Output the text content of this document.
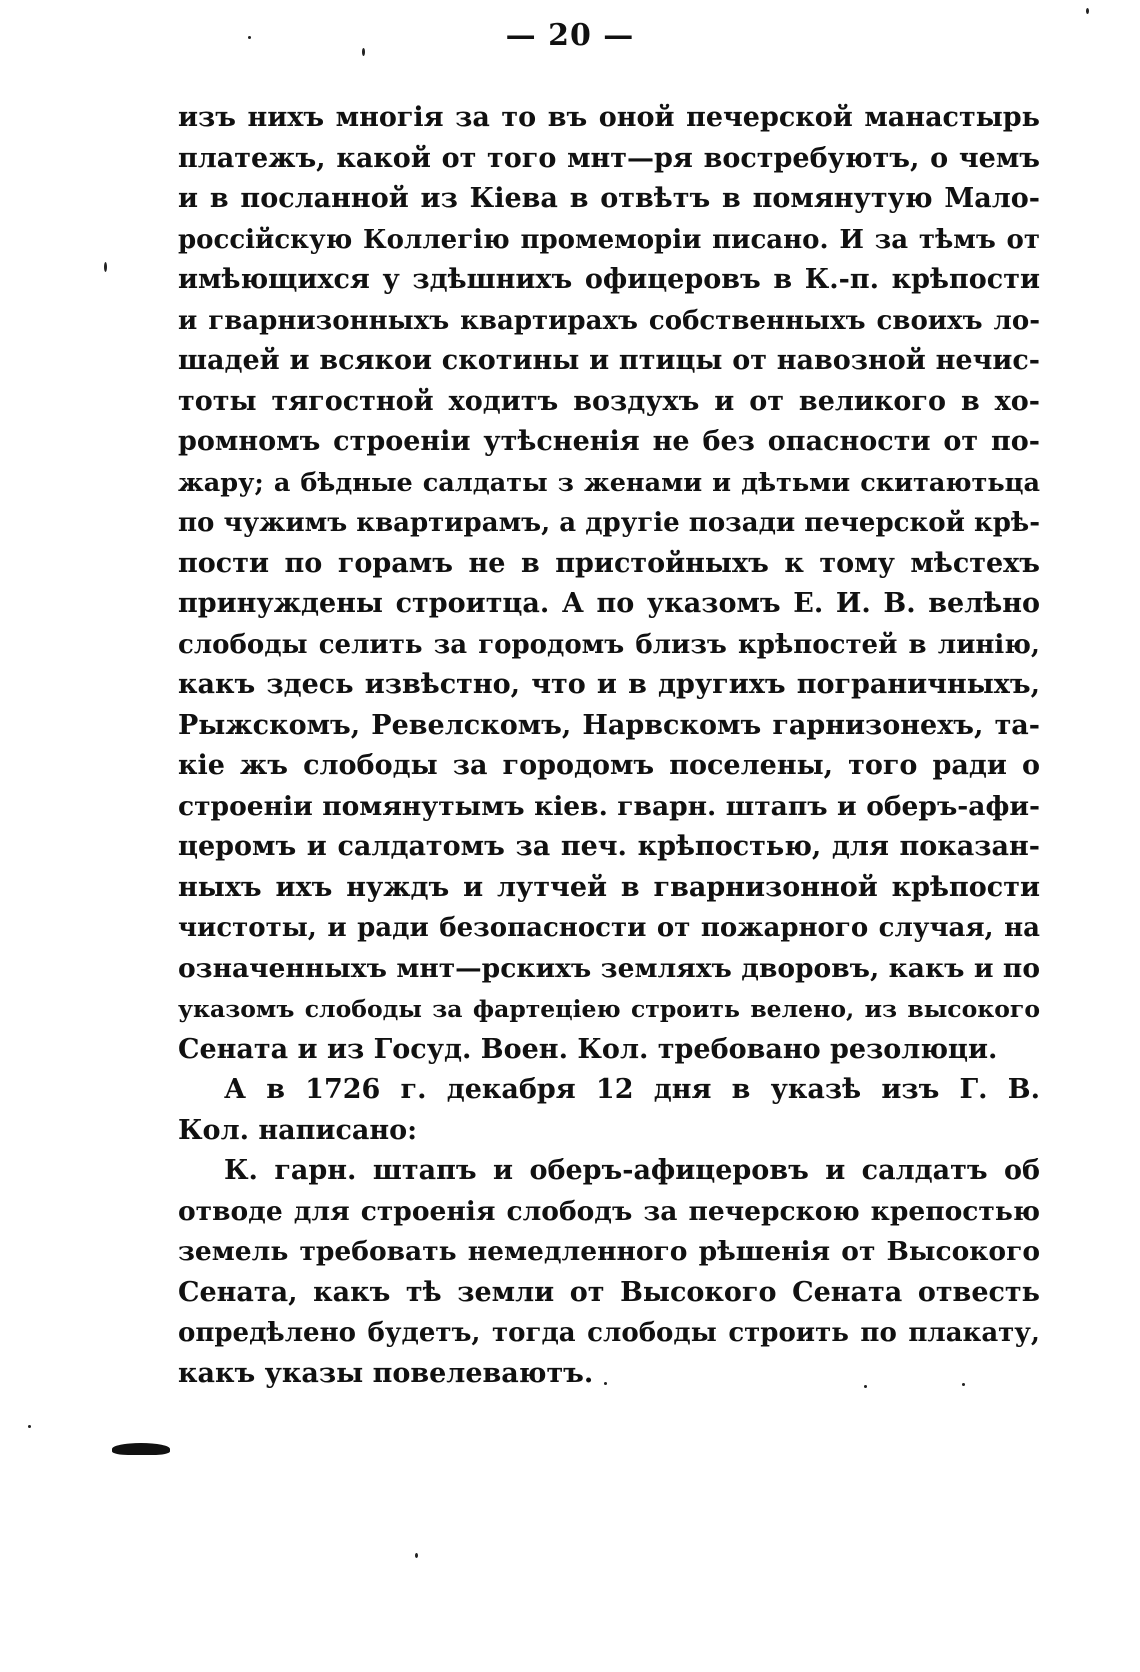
— 20 —
изъ нихъ многія за то въ оной печерской манастырь
платежъ, какой от того мнт—ря востребуютъ, о чемъ
и в посланной из Кіева в отвѣтъ в помянутую Мало-
россійскую Коллегію промеморіи писано. И за тѣмъ от
имѣющихся у здѣшнихъ офицеровъ в К.-п. крѣпости
и гварнизонныхъ квартирахъ собственныхъ своихъ ло-
шадей и всякои скотины и птицы от навозной нечис-
тоты тягостной ходитъ воздухъ и от великого в хо-
ромномъ строеніи утѣсненія не без опасности от по-
жару; а бѣдные салдаты з женами и дѣтьми скитаютьца
по чужимъ квартирамъ, а другіе позади печерской крѣ-
пости по горамъ не в пристойныхъ к тому мѣстехъ
принуждены строитца. А по указомъ Е. И. В. велѣно
слободы селить за городомъ близъ крѣпостей в линію,
какъ здесь извѣстно, что и в другихъ пограничныхъ,
Рыжскомъ, Ревелскомъ, Нарвскомъ гарнизонехъ, та-
кіе жъ слободы за городомъ поселены, того ради о
строеніи помянутымъ кіев. гварн. штапъ и оберъ-афи-
церомъ и салдатомъ за печ. крѣпостью, для показан-
ныхъ ихъ нуждъ и лутчей в гварнизонной крѣпости
чистоты, и ради безопасности от пожарного случая, на
означенныхъ мнт—рскихъ земляхъ дворовъ, какъ и по
указомъ слободы за фартеціею строить велено, из высокого
Сената и из Госуд. Воен. Кол. требовано резолюци.
А в 1726 г. декабря 12 дня в указѣ изъ Г. В.
Кол. написано:
К. гарн. штапъ и оберъ-афицеровъ и салдатъ об
отводе для строенія слободъ за печерскою крепостью
земель требовать немедленного рѣшенія от Высокого
Сената, какъ тѣ земли от Высокого Сената отвесть
опредѣлено будетъ, тогда слободы строить по плакату,
какъ указы повелеваютъ.
